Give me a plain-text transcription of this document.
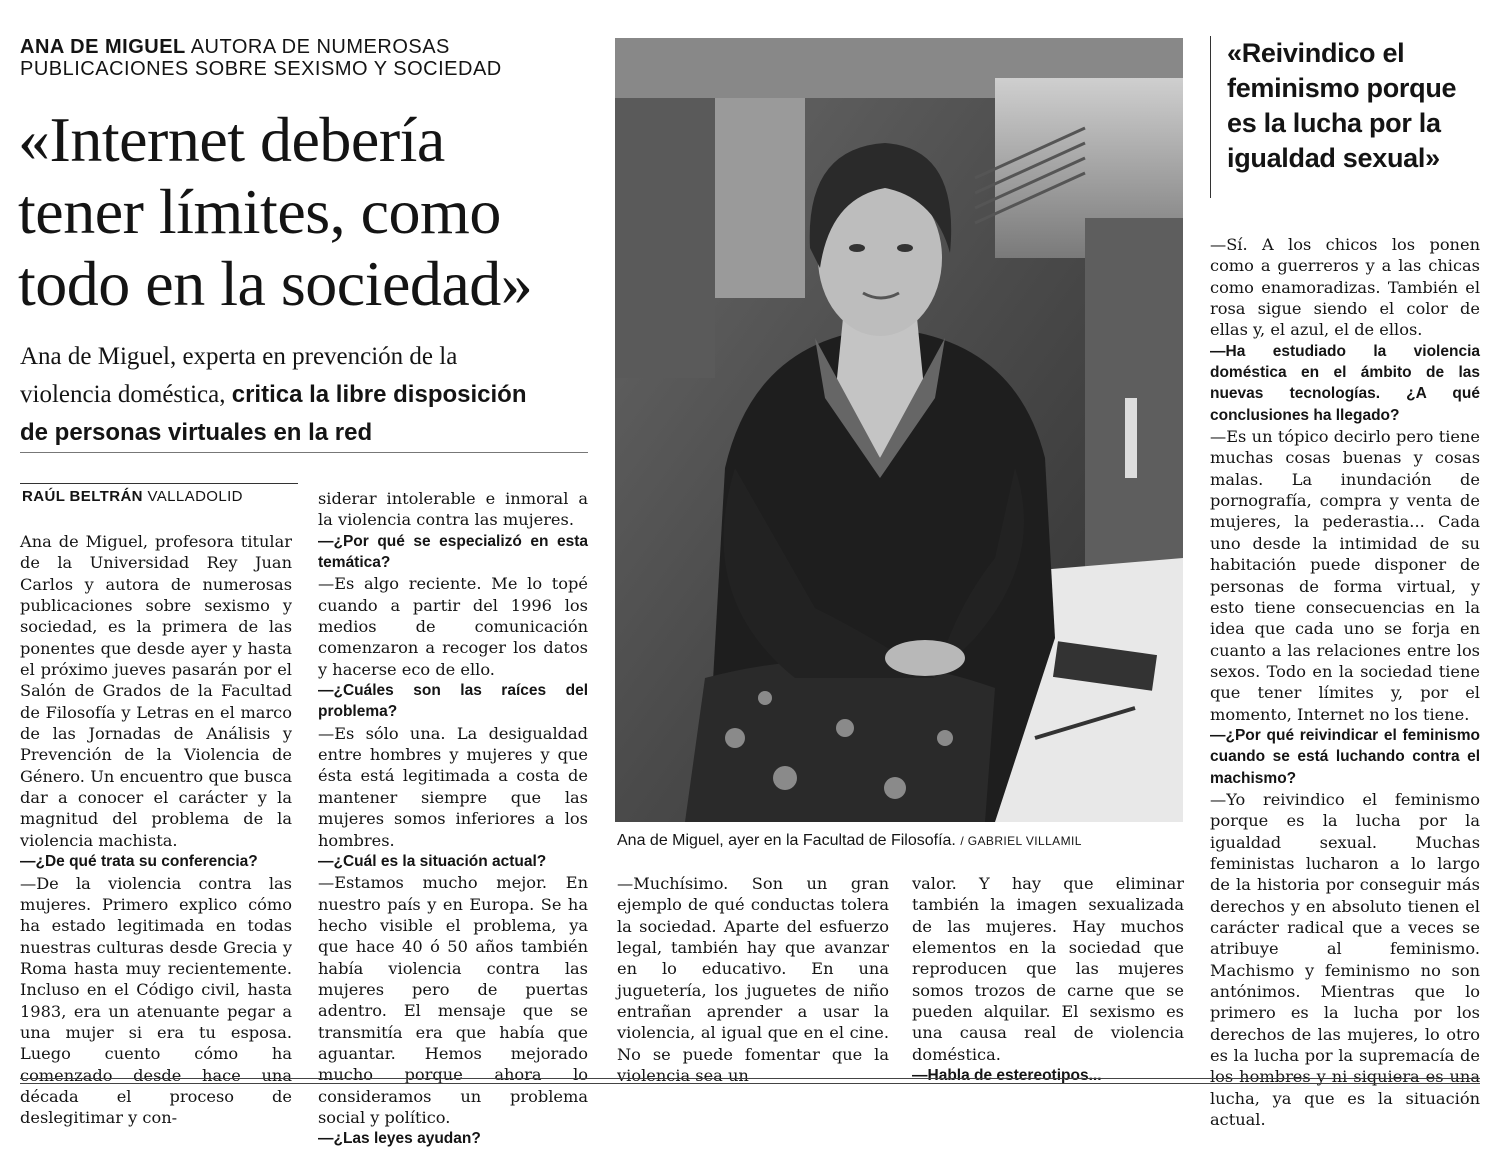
ANA DE MIGUEL AUTORA DE NUMEROSAS
PUBLICACIONES SOBRE SEXISMO Y SOCIEDAD
«Internet debería
tener límites, como
todo en la sociedad»
Ana de Miguel, experta en prevención de la
violencia doméstica, critica la libre disposición
de personas virtuales en la red
RAÚL BELTRÁN VALLADOLID

Ana de Miguel, profesora titular de la Universidad Rey Juan Carlos y autora de numerosas publicaciones sobre sexismo y sociedad, es la primera de las ponentes que desde ayer y hasta el próximo jueves pasarán por el Salón de Grados de la Facultad de Filosofía y Letras en el marco de las Jornadas de Análisis y Prevención de la Violencia de Género. Un encuentro que busca dar a conocer el carácter y la magnitud del problema de la violencia machista.

—¿De qué trata su conferencia?

—De la violencia contra las mujeres. Primero explico cómo ha estado legitimada en todas nuestras culturas desde Grecia y Roma hasta muy recientemente. Incluso en el Código civil, hasta 1983, era un atenuante pegar a una mujer si era tu esposa. Luego cuento cómo ha comenzado desde hace una década el proceso de deslegitimar y con-

siderar intolerable e inmoral a la violencia contra las mujeres.

—¿Por qué se especializó en esta temática?

—Es algo reciente. Me lo topé cuando a partir del 1996 los medios de comunicación comenzaron a recoger los datos y hacerse eco de ello.

—¿Cuáles son las raíces del problema?

—Es sólo una. La desigualdad entre hombres y mujeres y que ésta está legitimada a costa de mantener siempre que las mujeres somos inferiores a los hombres.

—¿Cuál es la situación actual?

—Estamos mucho mejor. En nuestro país y en Europa. Se ha hecho visible el problema, ya que hace 40 ó 50 años también había violencia contra las mujeres pero de puertas adentro. El mensaje que se transmitía era que había que aguantar. Hemos mejorado mucho porque ahora lo consideramos un problema social y político.

—¿Las leyes ayudan?

Ana de Miguel, ayer en la Facultad de Filosofía. / GABRIEL VILLAMIL

—Muchísimo. Son un gran ejemplo de qué conductas tolera la sociedad. Aparte del esfuerzo legal, también hay que avanzar en lo educativo. En una juguetería, los juguetes de niño entrañan aprender a usar la violencia, al igual que en el cine. No se puede fomentar que la violencia sea un

valor. Y hay que eliminar también la imagen sexualizada de las mujeres. Hay muchos elementos en la sociedad que reproducen que las mujeres somos trozos de carne que se pueden alquilar. El sexismo es una causa real de violencia doméstica.

—Habla de estereotipos...

«Reivindico el
feminismo porque
es la lucha por la
igualdad sexual»

—Sí. A los chicos los ponen como a guerreros y a las chicas como enamoradizas. También el rosa sigue siendo el color de ellas y, el azul, el de ellos.

—Ha estudiado la violencia doméstica en el ámbito de las nuevas tecnologías. ¿A qué conclusiones ha llegado?

—Es un tópico decirlo pero tiene muchas cosas buenas y cosas malas. La inundación de pornografía, compra y venta de mujeres, la pederastia... Cada uno desde la intimidad de su habitación puede disponer de personas de forma virtual, y esto tiene consecuencias en la idea que cada uno se forja en cuanto a las relaciones entre los sexos. Todo en la sociedad tiene que tener límites y, por el momento, Internet no los tiene.

—¿Por qué reivindicar el feminismo cuando se está luchando contra el machismo?

—Yo reivindico el feminismo porque es la lucha por la igualdad sexual. Muchas feministas lucharon a lo largo de la historia por conseguir más derechos y en absoluto tienen el carácter radical que a veces se atribuye al feminismo. Machismo y feminismo no son antónimos. Mientras que lo primero es la lucha por los derechos de las mujeres, lo otro es la lucha por la supremacía de los hombres y ni siquiera es una lucha, ya que es la situación actual.
